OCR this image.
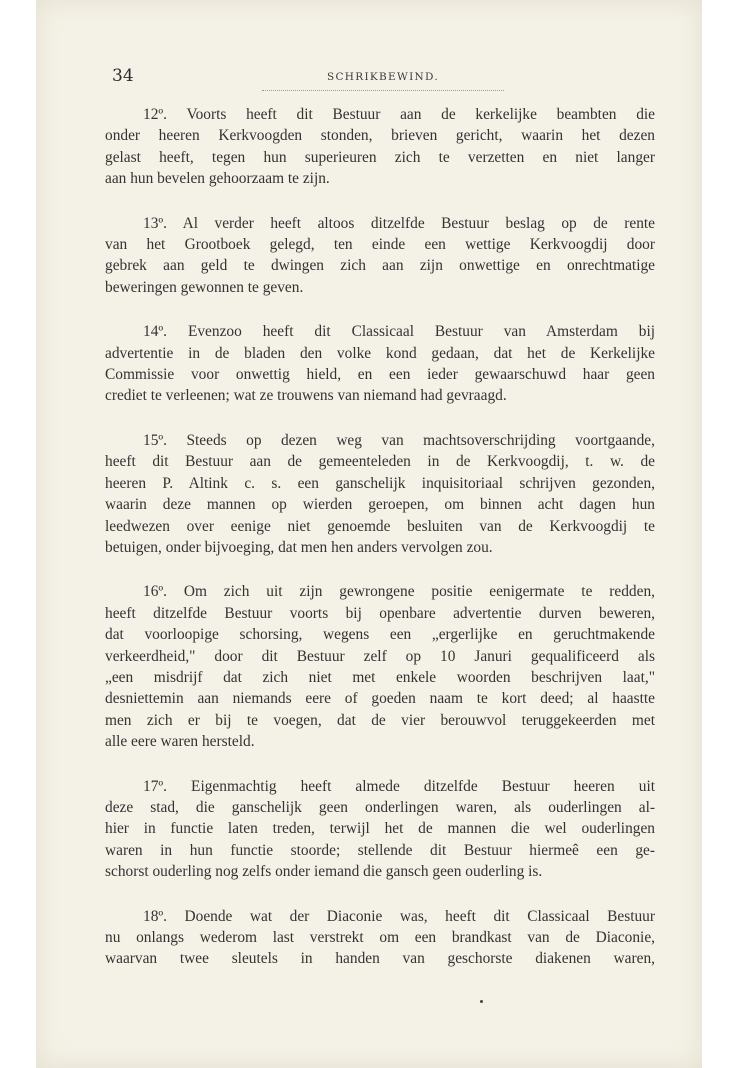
34	SCHRIKBEWIND.
12º. Voorts heeft dit Bestuur aan de kerkelijke beambten die
onder heeren Kerkvoogden stonden, brieven gericht, waarin het dezen
gelast heeft, tegen hun superieuren zich te verzetten en niet langer
aan hun bevelen gehoorzaam te zijn.
13º. Al verder heeft altoos ditzelfde Bestuur beslag op de rente
van het Grootboek gelegd, ten einde een wettige Kerkvoogdij door
gebrek aan geld te dwingen zich aan zijn onwettige en onrechtmatige
beweringen gewonnen te geven.
14º. Evenzoo heeft dit Classicaal Bestuur van Amsterdam bij
advertentie in de bladen den volke kond gedaan, dat het de Kerkelijke
Commissie voor onwettig hield, en een ieder gewaarschuwd haar geen
crediet te verleenen; wat ze trouwens van niemand had gevraagd.
15º. Steeds op dezen weg van machtsoverschrijding voortgaande,
heeft dit Bestuur aan de gemeenteleden in de Kerkvoogdij, t. w. de
heeren P. Altink c. s. een ganschelijk inquisitoriaal schrijven gezonden,
waarin deze mannen op wierden geroepen, om binnen acht dagen hun
leedwezen over eenige niet genoemde besluiten van de Kerkvoogdij te
betuigen, onder bijvoeging, dat men hen anders vervolgen zou.
16º. Om zich uit zijn gewrongene positie eenigermate te redden,
heeft ditzelfde Bestuur voorts bij openbare advertentie durven beweren,
dat voorloopige schorsing, wegens een „ergerlijke en geruchtmakende
verkeerdheid," door dit Bestuur zelf op 10 Januri gequalificeerd als
„een misdrijf dat zich niet met enkele woorden beschrijven laat,"
desniettemin aan niemands eere of goeden naam te kort deed; al haastte
men zich er bij te voegen, dat de vier berouwvol teruggekeerden met
alle eere waren hersteld.
17º. Eigenmachtig heeft almede ditzelfde Bestuur heeren uit
deze stad, die ganschelijk geen onderlingen waren, als ouderlingen al-
hier in functie laten treden, terwijl het de mannen die wel ouderlingen
waren in hun functie stoorde; stellende dit Bestuur hiermeê een ge-
schorst ouderling nog zelfs onder iemand die gansch geen ouderling is.
18º. Doende wat der Diaconie was, heeft dit Classicaal Bestuur
nu onlangs wederom last verstrekt om een brandkast van de Diaconie,
waarvan twee sleutels in handen van geschorste diakenen waren,
